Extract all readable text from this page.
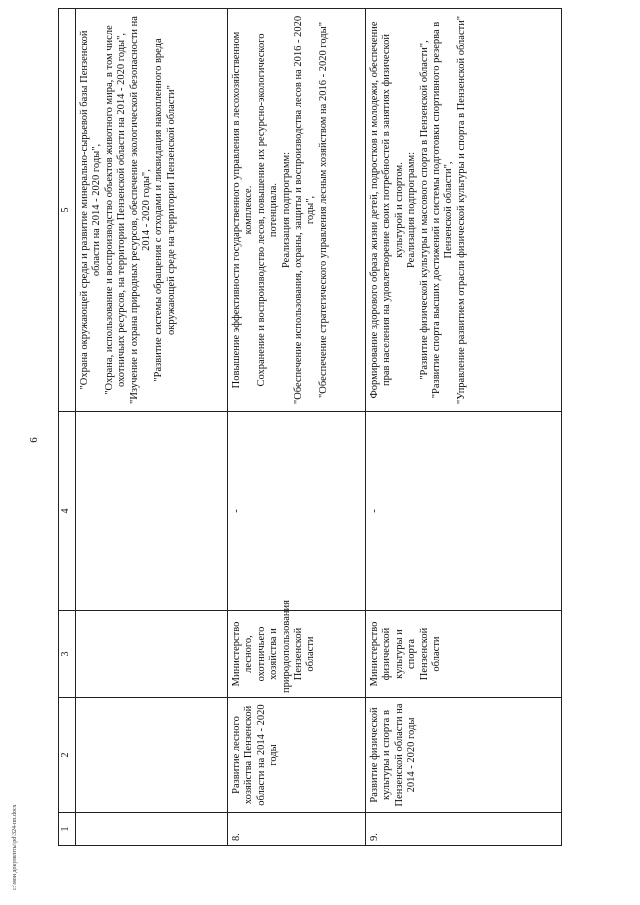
6
1	2	3	4	5

				"Охрана окружающей среды и развитие минерально-сырьевой базы Пензенской области на 2014 - 2020 годы", "Охрана, использование и воспроизводство объектов животного мира, в том числе охотничьих ресурсов, на территории Пензенской области на 2014 - 2020 годы", "Изучение и охрана природных ресурсов, обеспечение экологической безопасности на 2014 - 2020 годы", "Развитие системы обращения с отходами и ликвидация накопленного вреда окружающей среде на территории Пензенской области"

8.	Развитие лесного хозяйства Пензенской области на 2014 - 2020 годы	Министерство лесного, охотничьего хозяйства и природопользования Пензенской области	-	Повышение эффективности государственного управления в лесохозяйственном комплексе. Сохранение и воспроизводство лесов, повышение их ресурсно-экологического потенциала. Реализация подпрограмм: "Обеспечение использования, охраны, защиты и воспроизводства лесов на 2016 - 2020 годы", "Обеспечение стратегического управления лесным хозяйством на 2016 - 2020 годы"

9.	Развитие физической культуры и спорта в Пензенской области на 2014 - 2020 годы	Министерство физической культуры и спорта Пензенской области	-	Формирование здорового образа жизни детей, подростков и молодежи, обеспечение прав населения на удовлетворение своих потребностей в занятиях физической культурой и спортом. Реализация подпрограмм: "Развитие физической культуры и массового спорта в Пензенской области", "Развитие спорта высших достижений и системы подготовки спортивного резерва в Пензенской области", "Управление развитием отрасли физической культуры и спорта в Пензенской области"
c:\мои документы\pd\324-пп.docx
